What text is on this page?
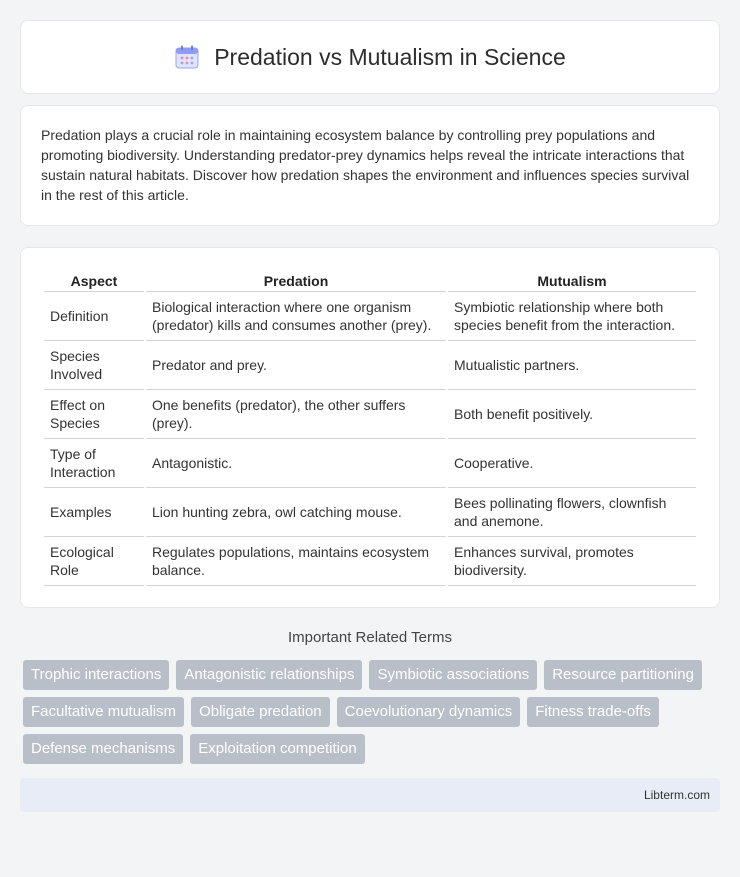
Predation vs Mutualism in Science

Predation plays a crucial role in maintaining ecosystem balance by controlling prey populations and promoting biodiversity. Understanding predator-prey dynamics helps reveal the intricate interactions that sustain natural habitats. Discover how predation shapes the environment and influences species survival in the rest of this article.

Aspect	Predation	Mutualism
Definition	Biological interaction where one organism (predator) kills and consumes another (prey).	Symbiotic relationship where both species benefit from the interaction.
Species Involved	Predator and prey.	Mutualistic partners.
Effect on Species	One benefits (predator), the other suffers (prey).	Both benefit positively.
Type of Interaction	Antagonistic.	Cooperative.
Examples	Lion hunting zebra, owl catching mouse.	Bees pollinating flowers, clownfish and anemone.
Ecological Role	Regulates populations, maintains ecosystem balance.	Enhances survival, promotes biodiversity.
Important Related Terms
Trophic interactions	Antagonistic relationships	Symbiotic associations	Resource partitioning
Facultative mutualism	Obligate predation	Coevolutionary dynamics	Fitness trade-offs
Defense mechanisms	Exploitation competition
Libterm.com
